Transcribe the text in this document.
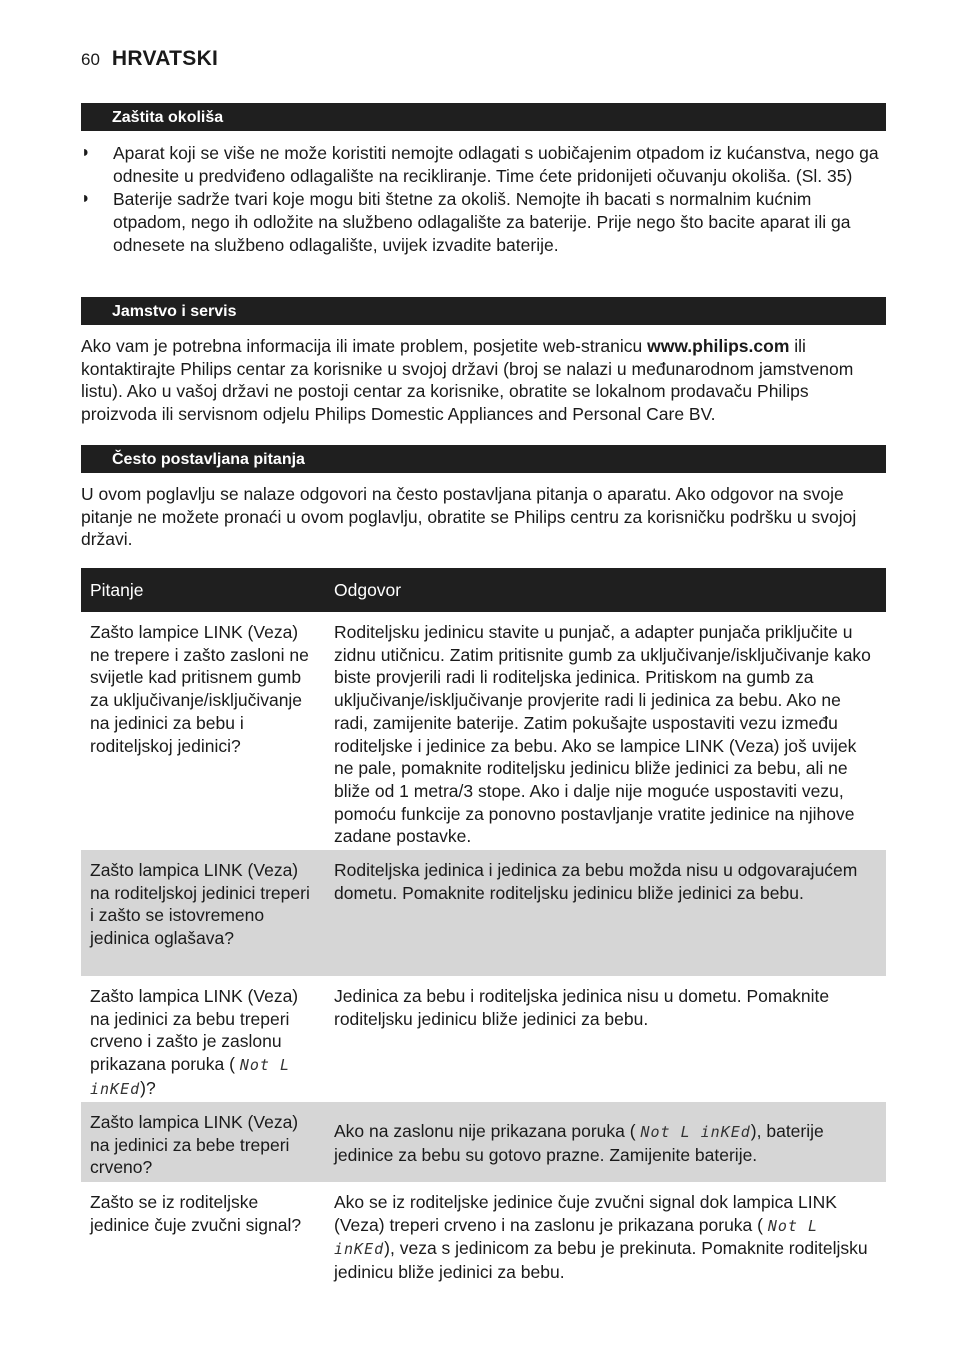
60 HRVATSKI
Zaštita okoliša
◗ Aparat koji se više ne može koristiti nemojte odlagati s uobičajenim otpadom iz kućanstva, nego ga odnesite u predviđeno odlagalište na recikliranje. Time ćete pridonijeti očuvanju okoliša. (Sl. 35)
◗ Baterije sadrže tvari koje mogu biti štetne za okoliš. Nemojte ih bacati s normalnim kućnim otpadom, nego ih odložite na službeno odlagalište za baterije. Prije nego što bacite aparat ili ga odnesete na službeno odlagalište, uvijek izvadite baterije.
Jamstvo i servis

Ako vam je potrebna informacija ili imate problem, posjetite web-stranicu www.philips.com ili kontaktirajte Philips centar za korisnike u svojoj državi (broj se nalazi u međunarodnom jamstvenom listu). Ako u vašoj državi ne postoji centar za korisnike, obratite se lokalnom prodavaču Philips proizvoda ili servisnom odjelu Philips Domestic Appliances and Personal Care BV.

Često postavljana pitanja

U ovom poglavlju se nalaze odgovori na često postavljana pitanja o aparatu. Ako odgovor na svoje pitanje ne možete pronaći u ovom poglavlju, obratite se Philips centru za korisničku podršku u svojoj državi.

Pitanje	Odgovor
Zašto lampice LINK (Veza) ne trepere i zašto zasloni ne svijetle kad pritisnem gumb za uključivanje/isključivanje na jedinici za bebu i roditeljskoj jedinici?
Roditeljsku jedinicu stavite u punjač, a adapter punjača priključite u zidnu utičnicu. Zatim pritisnite gumb za uključivanje/isključivanje kako biste provjerili radi li roditeljska jedinica. Pritiskom na gumb za uključivanje/isključivanje provjerite radi li jedinica za bebu. Ako ne radi, zamijenite baterije. Zatim pokušajte uspostaviti vezu između roditeljske i jedinice za bebu. Ako se lampice LINK (Veza) još uvijek ne pale, pomaknite roditeljsku jedinicu bliže jedinici za bebu, ali ne bliže od 1 metra/3 stope. Ako i dalje nije moguće uspostaviti vezu, pomoću funkcije za ponovno postavljanje vratite jedinice na njihove zadane postavke.
Zašto lampica LINK (Veza) na roditeljskoj jedinici treperi i zašto se istovremeno jedinica oglašava?
Roditeljska jedinica i jedinica za bebu možda nisu u odgovarajućem dometu. Pomaknite roditeljsku jedinicu bliže jedinici za bebu.
Zašto lampica LINK (Veza) na jedinici za bebu treperi crveno i zašto je zaslonu prikazana poruka ( Not L inKEd)?
Jedinica za bebu i roditeljska jedinica nisu u dometu. Pomaknite roditeljsku jedinicu bliže jedinici za bebu.
Zašto lampica LINK (Veza) na jedinici za bebe treperi crveno?
Ako na zaslonu nije prikazana poruka ( Not L inKEd), baterije jedinice za bebu su gotovo prazne. Zamijenite baterije.
Zašto se iz roditeljske jedinice čuje zvučni signal?
Ako se iz roditeljske jedinice čuje zvučni signal dok lampica LINK (Veza) treperi crveno i na zaslonu je prikazana poruka ( Not L inKEd), veza s jedinicom za bebu je prekinuta. Pomaknite roditeljsku jedinicu bliže jedinici za bebu.
